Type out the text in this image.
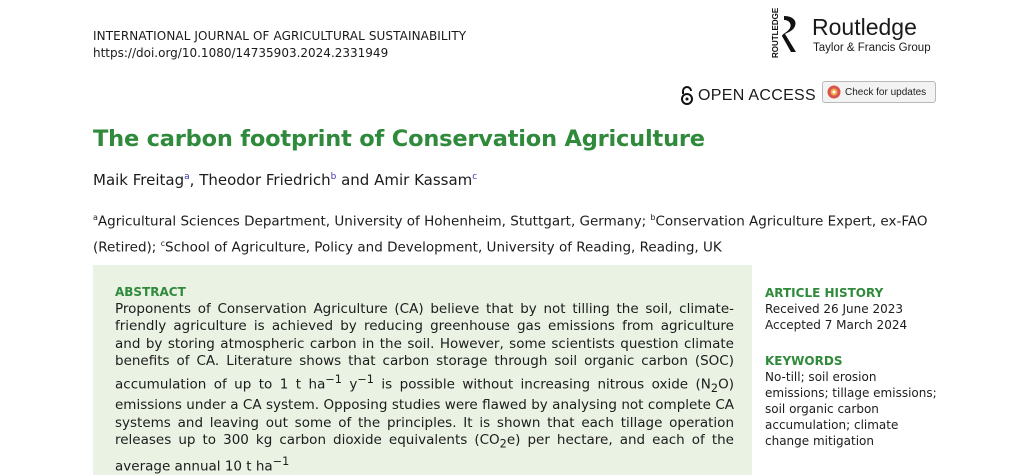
INTERNATIONAL JOURNAL OF AGRICULTURAL SUSTAINABILITY
https://doi.org/10.1080/14735903.2024.2331949	ROUTLEDGE Routledge
Taylor & Francis Group
OPEN ACCESS	Check for updates
The carbon footprint of Conservation Agriculture
Maik Freitag$^a$, Theodor Friedrich$^b$ and Amir Kassam$^c$
$^a$Agricultural Sciences Department, University of Hohenheim, Stuttgart, Germany; $^b$Conservation Agriculture Expert, ex-FAO (Retired); $^c$School of Agriculture, Policy and Development, University of Reading, Reading, UK
ABSTRACT
Proponents of Conservation Agriculture (CA) believe that by not tilling the soil, climate-friendly agriculture is achieved by reducing greenhouse gas emissions from agriculture and by storing atmospheric carbon in the soil. However, some scientists question climate benefits of CA. Literature shows that carbon storage through soil organic carbon (SOC) accumulation of up to 1 t $ha^{-1}$ $y^{-1}$ is possible without increasing nitrous oxide $(N_2O)$ emissions under a CA system. Opposing studies were flawed by analysing not complete CA systems and leaving out some of the principles. It is shown that each tillage operation releases up to 300 kg carbon dioxide equivalents $(CO_2e)$ per hectare, and each of the average annual 10 t $ha^{-1}$
ARTICLE HISTORY
Received 26 June 2023
Accepted 7 March 2024
KEYWORDS
No-till; soil erosion
emissions; tillage emissions;
soil organic carbon
accumulation; climate
change mitigation
